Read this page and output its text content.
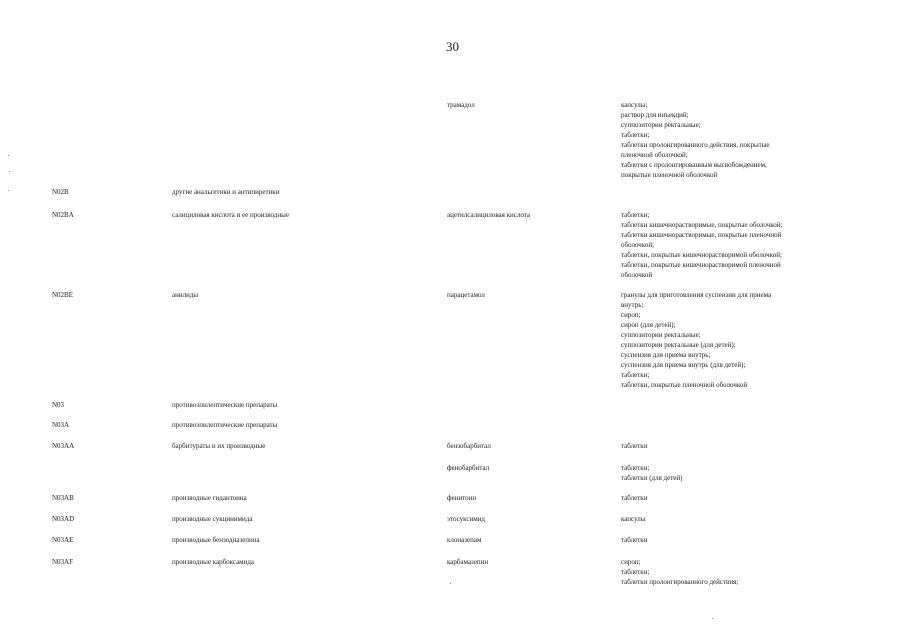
30
трамадол	капсулы;
раствор для инъекций;
суппозитории ректальные;
таблетки;
таблетки пролонгированного действия, покрытые
пленочной оболочкой;
таблетки с пролонгированным высвобождением,
покрытые пленочной оболочкой
N02B	другие анальгетики и антипиретики
N02BA	салициловая кислота и ее производные	ацетилсалициловая кислота	таблетки;
таблетки кишечнорастворимые, покрытые оболочкой;
таблетки кишечнорастворимые, покрытые пленочной
оболочкой;
таблетки, покрытые кишечнорастворимой оболочкой;
таблетки, покрытые кишечнорастворимой пленочной
оболочкой
N02BE	анилиды	парацетамол	гранулы для приготовления суспензии для приема
внутрь;
сироп;
сироп (для детей);
суппозитории ректальные;
суппозитории ректальные (для детей);
суспензия для приема внутрь;
суспензия для приема внутрь (для детей);
таблетки;
таблетки, покрытые пленочной оболочкой
N03	противоэпилептические препараты
N03A	противоэпилептические препараты
N03AA	барбитураты и их производные	бензобарбитал	таблетки
фенобарбитал	таблетки;
таблетки (для детей)
N03AB	производные гидантоина	фенитоин	таблетки
N03AD	производные сукцинимида	этосуксимид	капсулы
N03AE	производные бензодиазепина	клоназепам	таблетки
N03AF	производные карбоксамида	карбамазепин	сироп;
таблетки;
таблетки пролонгированного действия;
